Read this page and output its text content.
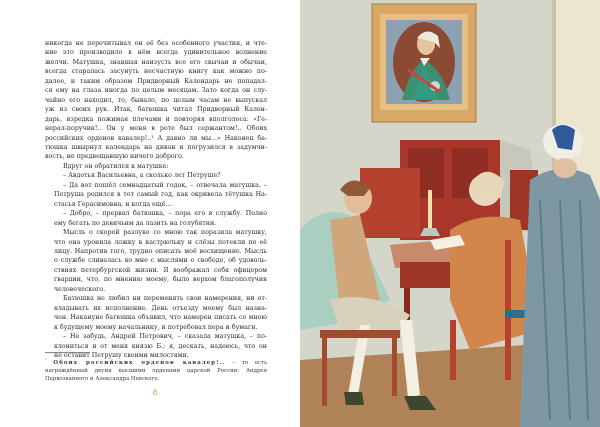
никогда не перечитывал он её без особенного участия, и чте-
ние это производило в нём всегда удивительное волнение
желчи. Матушка, знавшая наизусть все его свычаи и обычаи,
всегда старалась засунуть несчастную книгу как можно по-
далее, и таким образом Придворный Календарь не попадал-
ся ему на глаза иногда по целым месяцам. Зато когда он слу-
чайно его находил, то, бывало, по целым часам не выпускал
уж из своих рук. Итак, батюшка читал Придворный Кален-
дарь, изредка пожимая плечами и повторяя вполголоса: «Ге-
нерал-поручик!.. Он у меня в роте был сержантом!.. Обоих
российских орденов кавалер!..¹ А давно ли мы...» Наконец ба-
тюшка швырнул календарь на диван и погрузился в задумчи-
вость, не предвещавшую ничего доброго.

Вдруг он обратился к матушке:

– Авдотья Васильевна, а сколько лет Петруше?

– Да вот пошёл семнадцатый годок, – отвечала матушка. –
Петруша родился в тот самый год, как окривела тётушка На-
стасья Герасимовна, и когда ещё...

– Добро, – прервал батюшка, – пора его в службу. Полно
ему бегать по девичьим да лазить на голубятни.

Мысль о скорой разлуке со мною так поразила матушку,
что она уронила ложку в кастрюльку и слёзы потекли по её
лицу. Напротив того, трудно описать моё восхищение. Мысль
о службе сливалась во мне с мыслями о свободе, об удоволь-
ствиях петербургской жизни. Я воображал себя офицером
гвардии, что, по мнению моему, было верхом благополучия
человеческого.

Батюшка не любил ни переменять свои намерения, ни от-
кладывать их исполнение. День отъезду моему был назна-
чен. Накануне батюшка объявил, что намерен писать со мною
к будущему моему начальнику, и потребовал пера и бумаги.

– Не забудь, Андрей Петрович, – сказала матушка, – по-
клониться и от меня князю Б.; я, дескать, надеюсь, что он
не оставит Петрушу своими милостями.

$^{^1}$ Обоих российских орденов кавалер!.. – то есть награждённый двумя высшими орденами царской России: Андрея Первозванного и Александра Невского.
8
